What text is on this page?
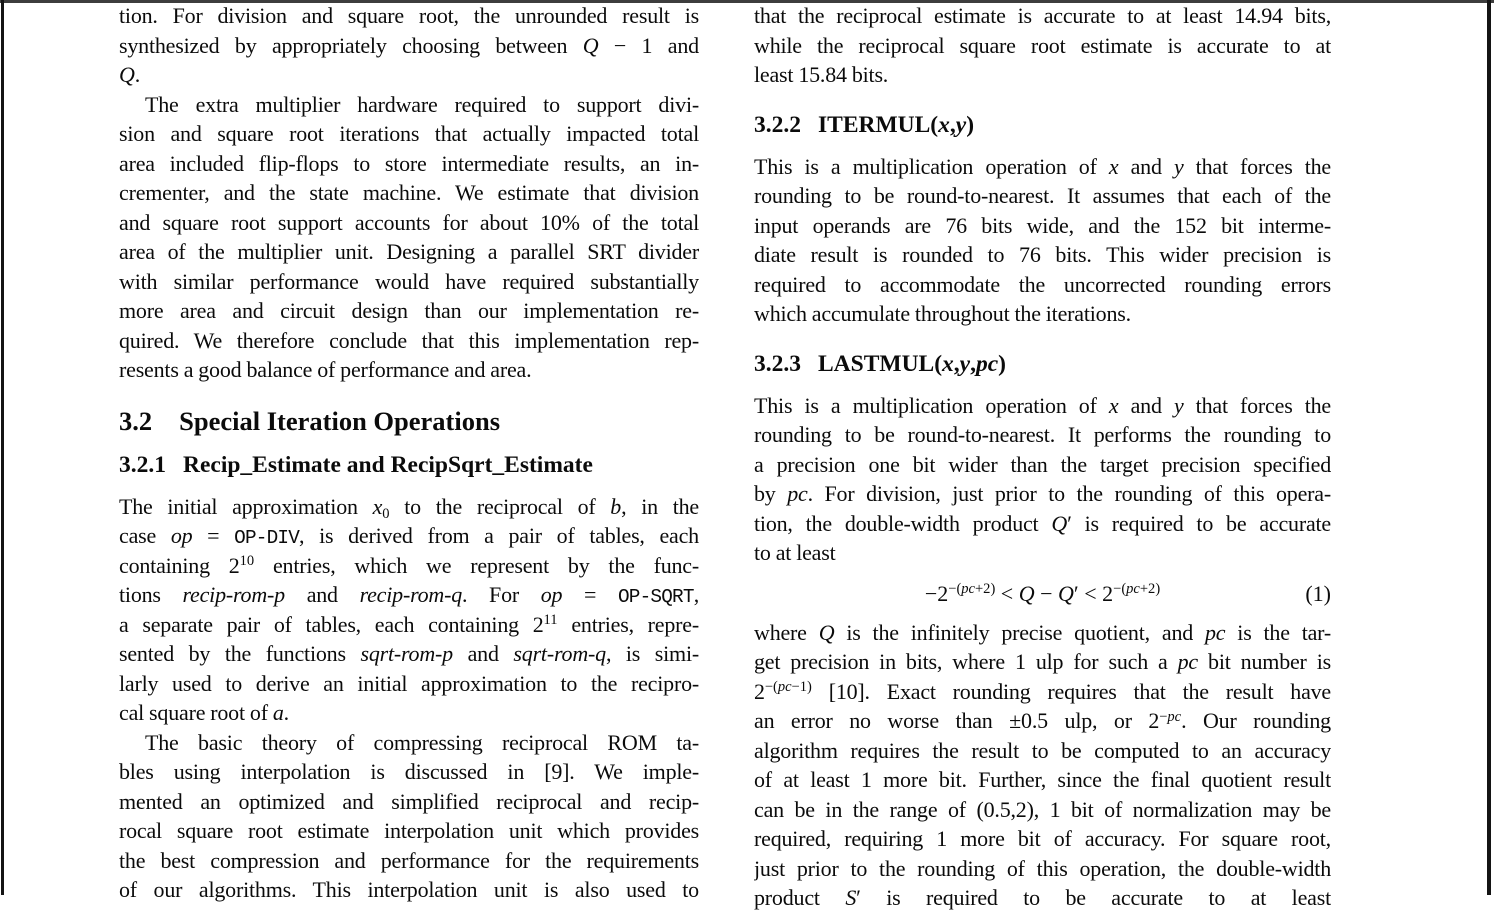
tion. For division and square root, the unrounded result is
synthesized by appropriately choosing between Q − 1 and
Q.
The extra multiplier hardware required to support divi-
sion and square root iterations that actually impacted total
area included flip-flops to store intermediate results, an in-
crementer, and the state machine. We estimate that division
and square root support accounts for about 10% of the total
area of the multiplier unit. Designing a parallel SRT divider
with similar performance would have required substantially
more area and circuit design than our implementation re-
quired. We therefore conclude that this implementation rep-
resents a good balance of performance and area.
3.2 Special Iteration Operations
3.2.1 Recip_Estimate and RecipSqrt_Estimate
The initial approximation x0 to the reciprocal of b, in the
case op = OP-DIV, is derived from a pair of tables, each
containing $2^{10}$ entries, which we represent by the func-
tions recip-rom-p and recip-rom-q. For op = OP-SQRT,
a separate pair of tables, each containing $2^{11}$ entries, repre-
sented by the functions sqrt-rom-p and sqrt-rom-q, is simi-
larly used to derive an initial approximation to the recipro-
cal square root of a.
The basic theory of compressing reciprocal ROM ta-
bles using interpolation is discussed in [9]. We imple-
mented an optimized and simplified reciprocal and recip-
rocal square root estimate interpolation unit which provides
the best compression and performance for the requirements
of our algorithms. This interpolation unit is also used to
that the reciprocal estimate is accurate to at least 14.94 bits,
while the reciprocal square root estimate is accurate to at
least 15.84 bits.
3.2.2 ITERMUL(x,y)
This is a multiplication operation of x and y that forces the
rounding to be round-to-nearest. It assumes that each of the
input operands are 76 bits wide, and the 152 bit interme-
diate result is rounded to 76 bits. This wider precision is
required to accommodate the uncorrected rounding errors
which accumulate throughout the iterations.
3.2.3 LASTMUL(x,y,pc)
This is a multiplication operation of x and y that forces the
rounding to be round-to-nearest. It performs the rounding to
a precision one bit wider than the target precision specified
by pc. For division, just prior to the rounding of this opera-
tion, the double-width product Q′ is required to be accurate
to at least
$-2^{-(pc+2)} < Q - Q' < 2^{-(pc+2)}$	(1)
where Q is the infinitely precise quotient, and pc is the tar-
get precision in bits, where 1 ulp for such a pc bit number is
$2^{-(pc-1)}$ [10]. Exact rounding requires that the result have
an error no worse than ±0.5 ulp, or $2^{-pc}$. Our rounding
algorithm requires the result to be computed to an accuracy
of at least 1 more bit. Further, since the final quotient result
can be in the range of (0.5,2), 1 bit of normalization may be
required, requiring 1 more bit of accuracy. For square root,
just prior to the rounding of this operation, the double-width
product S′ is required to be accurate to at least
